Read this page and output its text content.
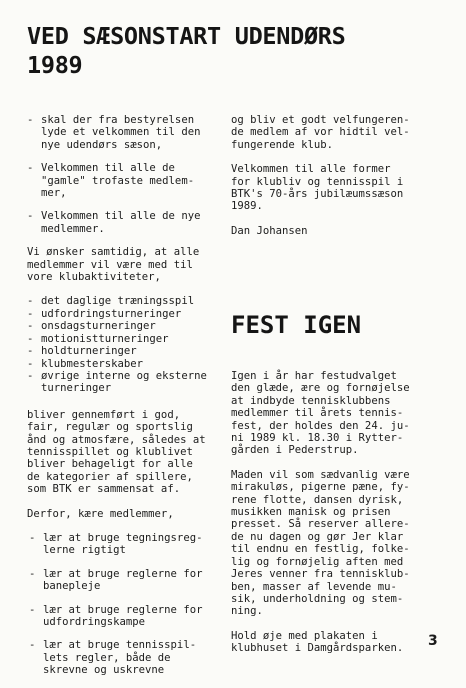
VED SÆSONSTART UDENDØRS
1989
- skal der fra bestyrelsen
lyde et velkommen til den
nye udendørs sæson,
- Velkommen til alle de
"gamle" trofaste medlem-
mer,
- Velkommen til alle de nye
medlemmer.

Vi ønsker samtidig, at alle
medlemmer vil være med til
vore klubaktiviteter,

- det daglige træningsspil
- udfordringsturneringer
- onsdagsturneringer
- motionistturneringer
- holdturneringer
- klubmesterskaber
- øvrige interne og eksterne
turneringer

bliver gennemført i god,
fair, regulær og sportslig
ånd og atmosfære, således at
tennisspillet og klublivet
bliver behageligt for alle
de kategorier af spillere,
som BTK er sammensat af.

Derfor, kære medlemmer,

- lær at bruge tegningsreg-
lerne rigtigt
- lær at bruge reglerne for
banepleje
- lær at bruge reglerne for
udfordringskampe
- lær at bruge tennisspil-
lets regler, både de
skrevne og uskrevne

og bliv et godt velfungeren-
de medlem af vor hidtil vel-
fungerende klub.

Velkommen til alle former
for klubliv og tennisspil i
BTK's 70-års jubilæumssæson
1989.

Dan Johansen

FEST IGEN

Igen i år har festudvalget
den glæde, ære og fornøjelse
at indbyde tennisklubbens
medlemmer til årets tennis-
fest, der holdes den 24. ju-
ni 1989 kl. 18.30 i Rytter-
gården i Pederstrup.

Maden vil som sædvanlig være
mirakuløs, pigerne pæne, fy-
rene flotte, dansen dyrisk,
musikken manisk og prisen
presset. Så reserver allere-
de nu dagen og gør Jer klar
til endnu en festlig, folke-
lig og fornøjelig aften med
Jeres venner fra tennisklub-
ben, masser af levende mu-
sik, underholdning og stem-
ning.

Hold øje med plakaten i
klubhuset i Damgårdsparken.	3
